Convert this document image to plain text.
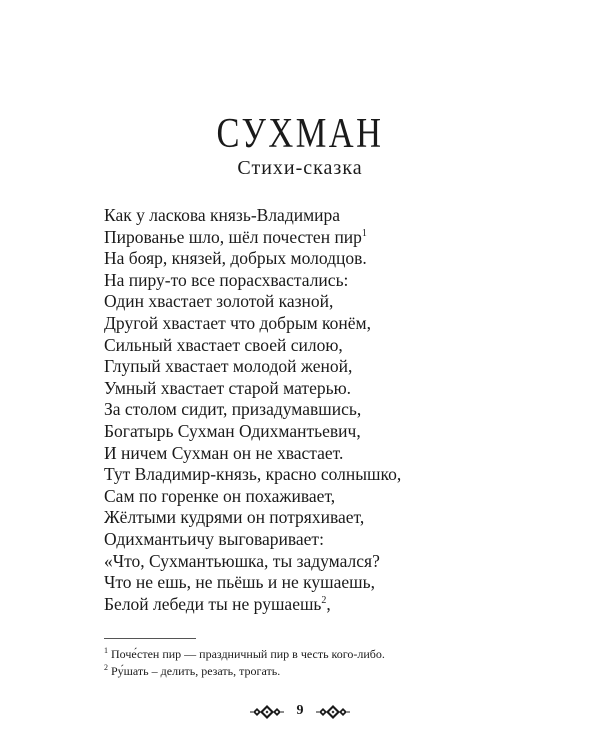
СУХМАН
Стихи-сказка
Как у ласкова князь-Владимира
Пированье шло, шёл почестен пир$^1$
На бояр, князей, добрых молодцов.
На пиру-то все порасхвастались:
Один хвастает золотой казной,
Другой хвастает что добрым конём,
Сильный хвастает своей силою,
Глупый хвастает молодой женой,
Умный хвастает старой матерью.
За столом сидит, призадумавшись,
Богатырь Сухман Одихмантьевич,
И ничем Сухман он не хвастает.
Тут Владимир-князь, красно солнышко,
Сам по горенке он похаживает,
Жёлтыми кудрями он потряхивает,
Одихмантьичу выговаривает:
«Что, Сухмантьюшка, ты задумался?
Что не ешь, не пьёшь и не кушаешь,
Белой лебеди ты не рушаешь$^2$,
$^1$ Поче́стен пир — праздничный пир в честь кого-либо.
$^2$ Ру́шать – делить, резать, трогать.
9
